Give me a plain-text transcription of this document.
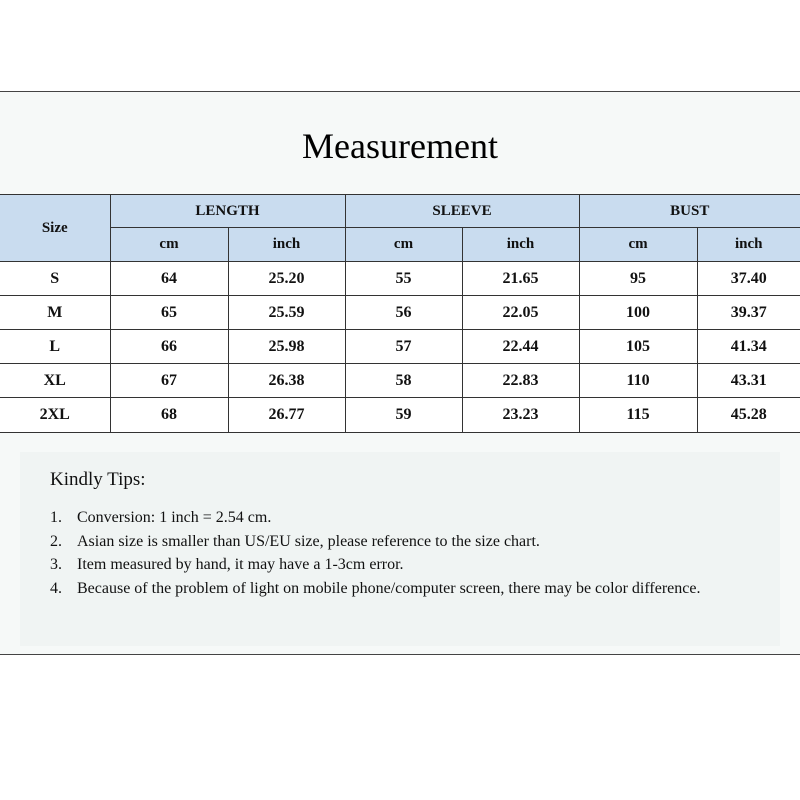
Measurement
Size	LENGTH		SLEEVE		BUST	
	cm	inch	cm	inch	cm	inch
S	64	25.20	55	21.65	95	37.40
M	65	25.59	56	22.05	100	39.37
L	66	25.98	57	22.44	105	41.34
XL	67	26.38	58	22.83	110	43.31
2XL	68	26.77	59	23.23	115	45.28
Kindly Tips:
1. Conversion: 1 inch = 2.54 cm.
2. Asian size is smaller than US/EU size, please reference to the size chart.
3. Item measured by hand, it may have a 1-3cm error.
4. Because of the problem of light on mobile phone/computer screen, there may be color difference.
